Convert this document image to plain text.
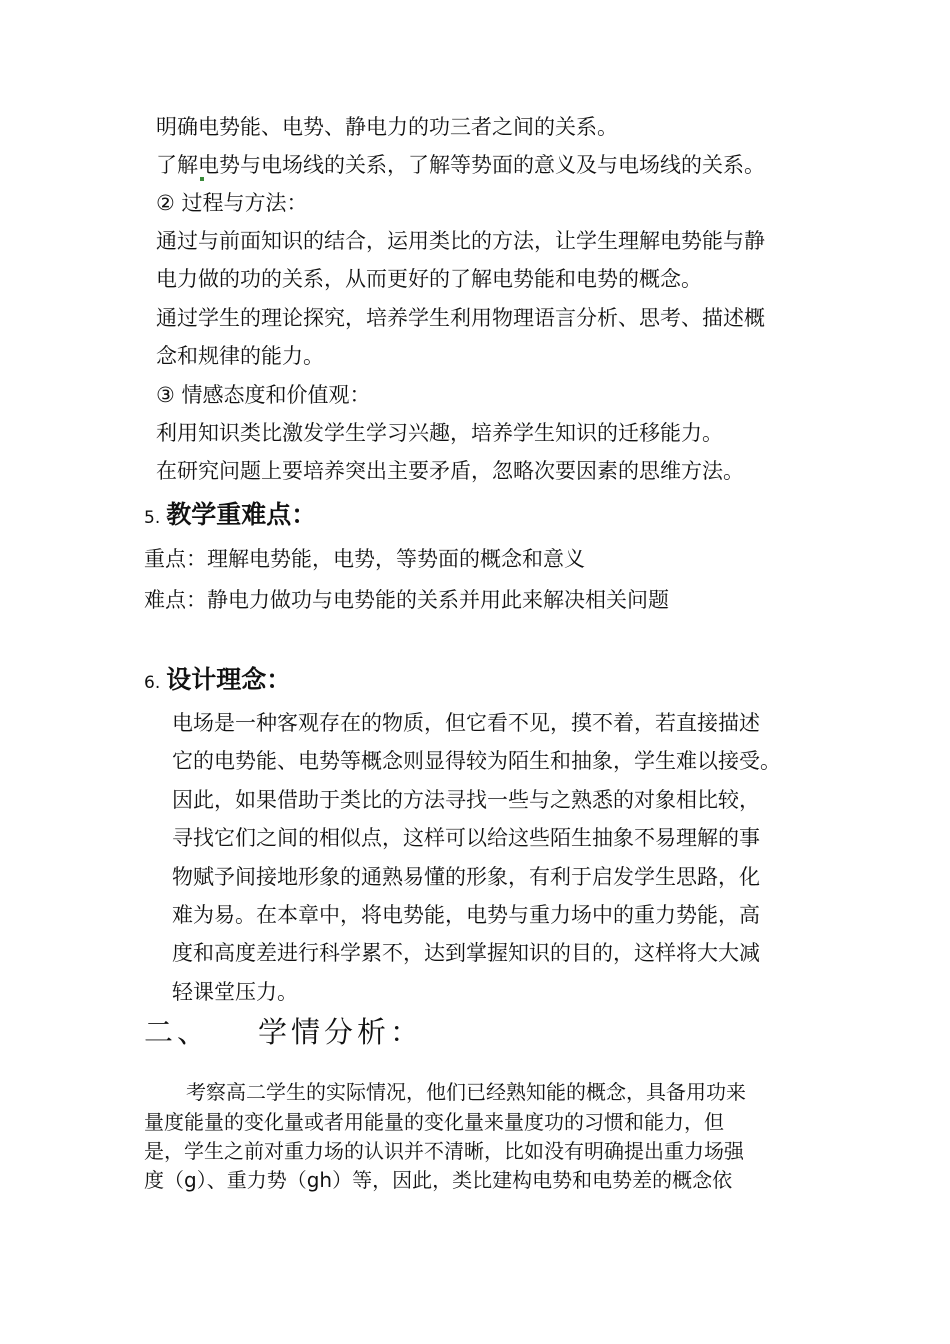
明确电势能、电势、静电力的功三者之间的关系。
了解电势与电场线的关系，了解等势面的意义及与电场线的关系。
② 过程与方法：
通过与前面知识的结合，运用类比的方法，让学生理解电势能与静
电力做的功的关系，从而更好的了解电势能和电势的概念。
通过学生的理论探究，培养学生利用物理语言分析、思考、描述概
念和规律的能力。
③ 情感态度和价值观：
利用知识类比激发学生学习兴趣，培养学生知识的迁移能力。
在研究问题上要培养突出主要矛盾，忽略次要因素的思维方法。
5. 教学重难点：
重点：理解电势能，电势，等势面的概念和意义
难点：静电力做功与电势能的关系并用此来解决相关问题
6. 设计理念：
电场是一种客观存在的物质，但它看不见，摸不着，若直接描述
它的电势能、电势等概念则显得较为陌生和抽象，学生难以接受。
因此，如果借助于类比的方法寻找一些与之熟悉的对象相比较，
寻找它们之间的相似点，这样可以给这些陌生抽象不易理解的事
物赋予间接地形象的通熟易懂的形象，有利于启发学生思路，化
难为易。在本章中，将电势能，电势与重力场中的重力势能，高
度和高度差进行科学累不，达到掌握知识的目的，这样将大大减
轻课堂压力。
二、 学情分析：
考察高二学生的实际情况，他们已经熟知能的概念，具备用功来
量度能量的变化量或者用能量的变化量来量度功的习惯和能力，但
是，学生之前对重力场的认识并不清晰，比如没有明确提出重力场强
度（g）、重力势（gh）等，因此，类比建构电势和电势差的概念依
